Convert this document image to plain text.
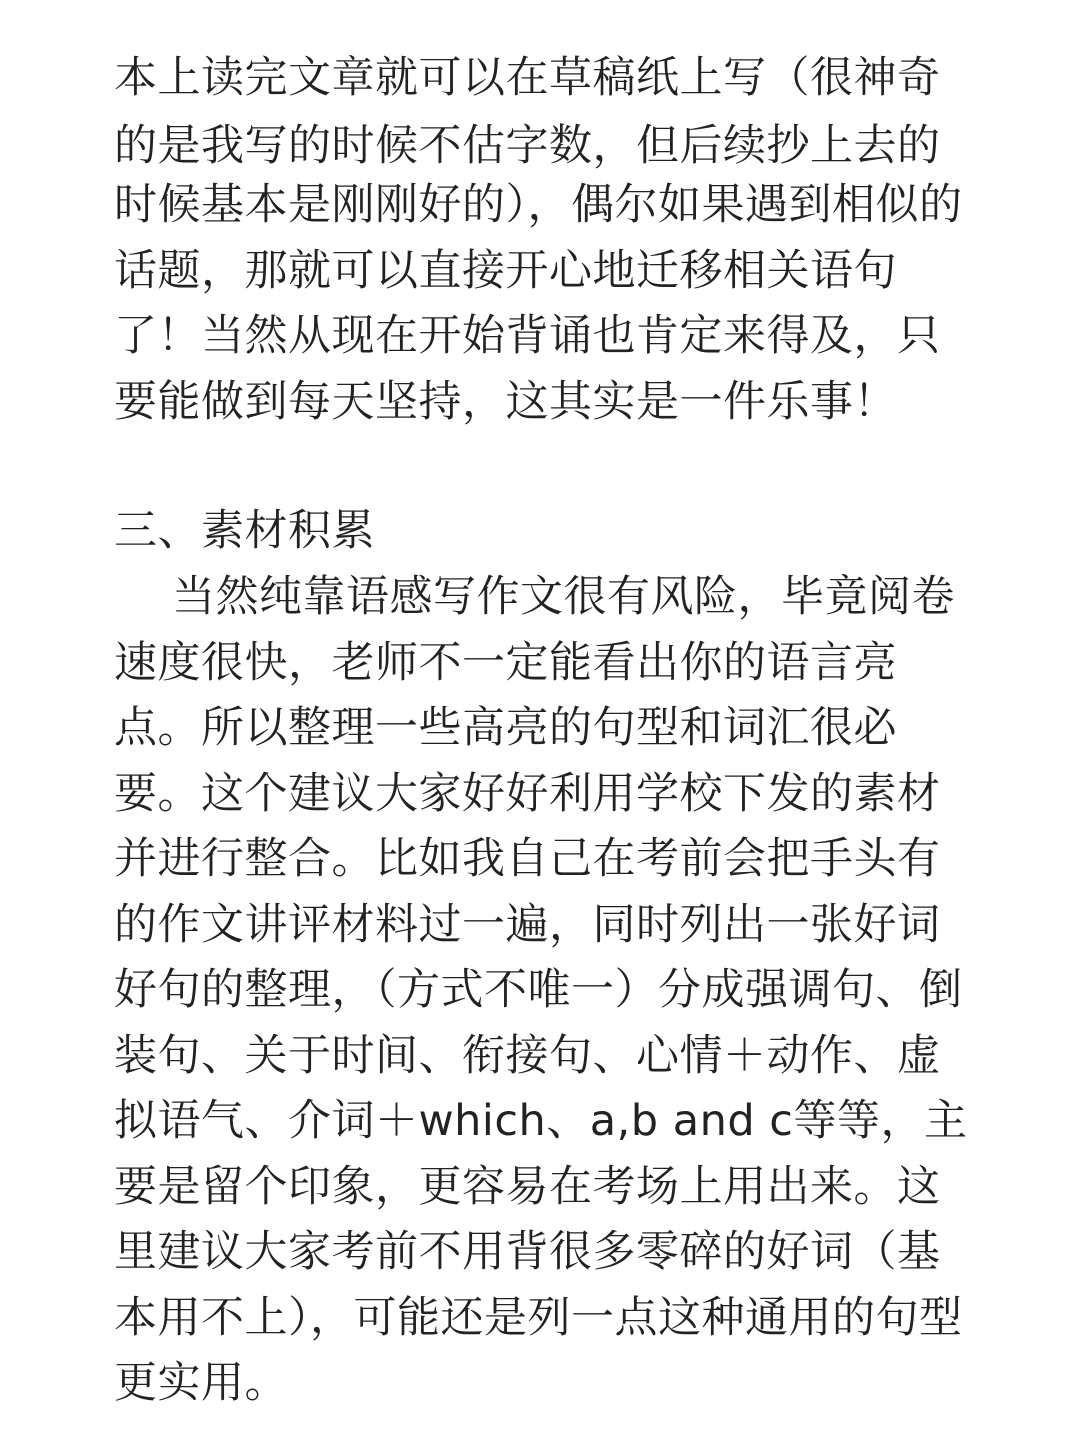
本上读完文章就可以在草稿纸上写（很神奇
的是我写的时候不估字数，但后续抄上去的
时候基本是刚刚好的），偶尔如果遇到相似的
话题，那就可以直接开心地迁移相关语句
了！当然从现在开始背诵也肯定来得及，只
要能做到每天坚持，这其实是一件乐事！
三、素材积累
当然纯靠语感写作文很有风险，毕竟阅卷
速度很快，老师不一定能看出你的语言亮
点。所以整理一些高亮的句型和词汇很必
要。这个建议大家好好利用学校下发的素材
并进行整合。比如我自己在考前会把手头有
的作文讲评材料过一遍，同时列出一张好词
好句的整理，（方式不唯一）分成强调句、倒
装句、关于时间、衔接句、心情＋动作、虚
拟语气、介词＋which、a,b and c等等，主
要是留个印象，更容易在考场上用出来。这
里建议大家考前不用背很多零碎的好词（基
本用不上），可能还是列一点这种通用的句型
更实用。
